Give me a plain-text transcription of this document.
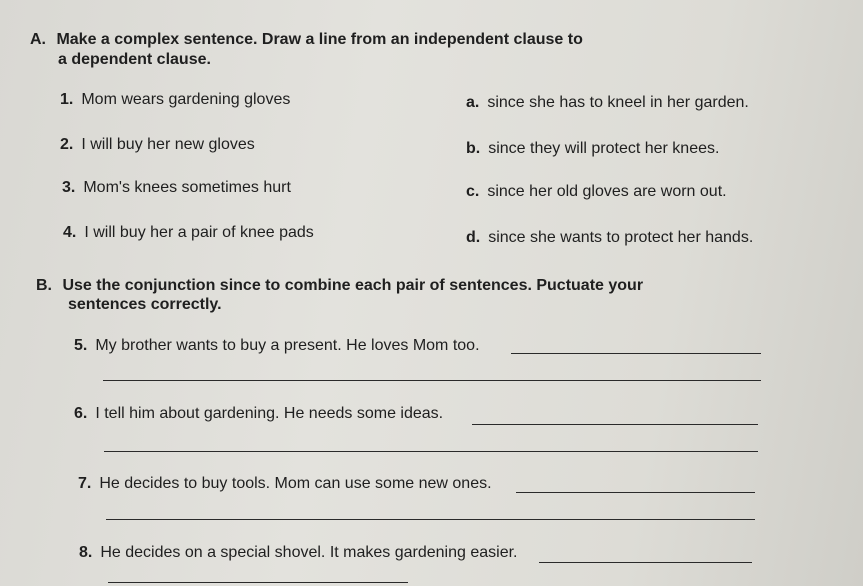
A. Make a complex sentence. Draw a line from an independent clause to
a dependent clause.
1. Mom wears gardening gloves
2. I will buy her new gloves
3. Mom's knees sometimes hurt
4. I will buy her a pair of knee pads
a. since she has to kneel in her garden.
b. since they will protect her knees.
c. since her old gloves are worn out.
d. since she wants to protect her hands.
B. Use the conjunction since to combine each pair of sentences. Puctuate your
sentences correctly.
5. My brother wants to buy a present. He loves Mom too.
6. I tell him about gardening. He needs some ideas.
7. He decides to buy tools. Mom can use some new ones.
8. He decides on a special shovel. It makes gardening easier.
